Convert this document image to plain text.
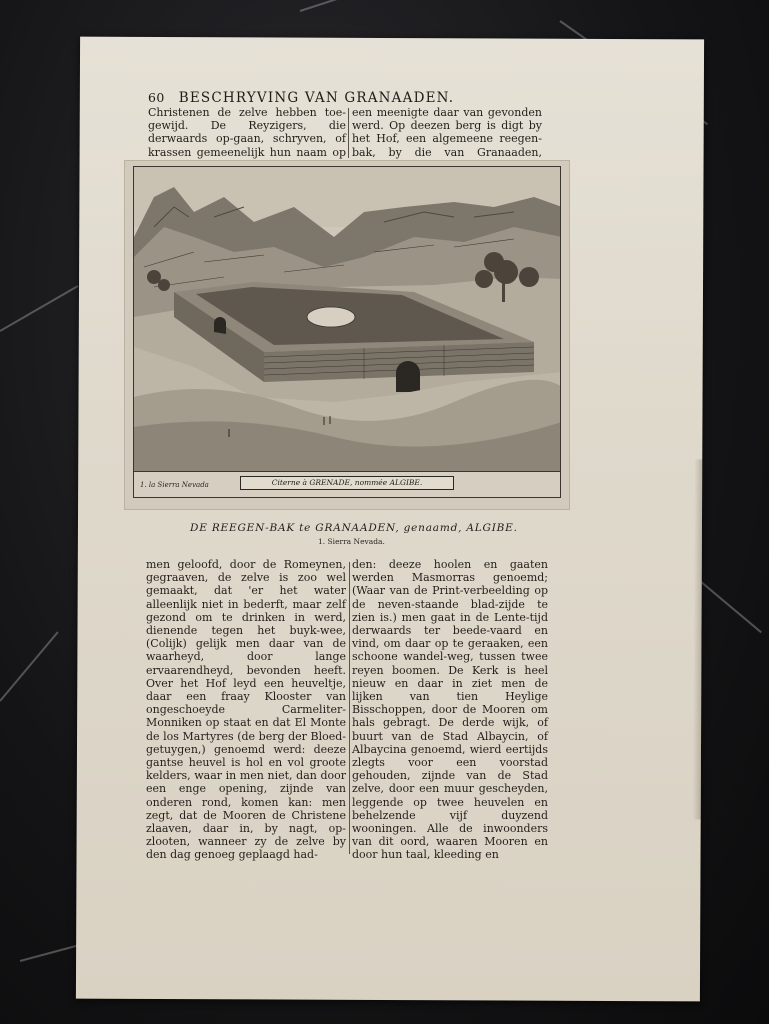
60 BESCHRYVING VAN GRANAADEN.

Christenen de zelve hebben toe-gewijd. De Reyzigers, die derwaards op-gaan, schryven, of krassen gemeenelijk hun naam op

een meenigte daar van gevonden werd. Op deezen berg is digt by het Hof, een algemeene reegen-bak, by die van Granaaden,

1. la Sierra Nevada	Citerne à GRENADE, nommée ALGIBE.
DE REEGEN-BAK te GRANAADEN, genaamd, ALGIBE.
1. Sierra Nevada.

men geloofd, door de Romeynen, gegraaven, de zelve is zoo wel gemaakt, dat 'er het water alleenlijk niet in bederft, maar zelf gezond om te drinken in werd, dienende tegen het buyk-wee, (Colijk) gelijk men daar van de waarheyd, door lange ervaarendheyd, bevonden heeft. Over het Hof leyd een heuveltje, daar een fraay Klooster van ongeschoeyde Carmeliter-Monniken op staat en dat El Monte de los Martyres (de berg der Bloed-getuygen,) genoemd werd: deeze gantse heuvel is hol en vol groote kelders, waar in men niet, dan door een enge opening, zijnde van onderen rond, komen kan: men zegt, dat de Mooren de Christene zlaaven, daar in, by nagt, op-zlooten, wanneer zy de zelve by den dag genoeg geplaagd had-

den: deeze hoolen en gaaten werden Masmorras genoemd; (Waar van de Print-verbeelding op de neven-staande blad-zijde te zien is.) men gaat in de Lente-tijd derwaards ter beede-vaard en vind, om daar op te geraaken, een schoone wandel-weg, tussen twee reyen boomen. De Kerk is heel nieuw en daar in ziet men de lijken van tien Heylige Bisschoppen, door de Mooren om hals gebragt. De derde wijk, of buurt van de Stad Albaycin, of Albaycina genoemd, wierd eertijds zlegts voor een voorstad gehouden, zijnde van de Stad zelve, door een muur gescheyden, leggende op twee heuvelen en behelzende vijf duyzend wooningen. Alle de inwoonders van dit oord, waaren Mooren en door hun taal, kleeding en
